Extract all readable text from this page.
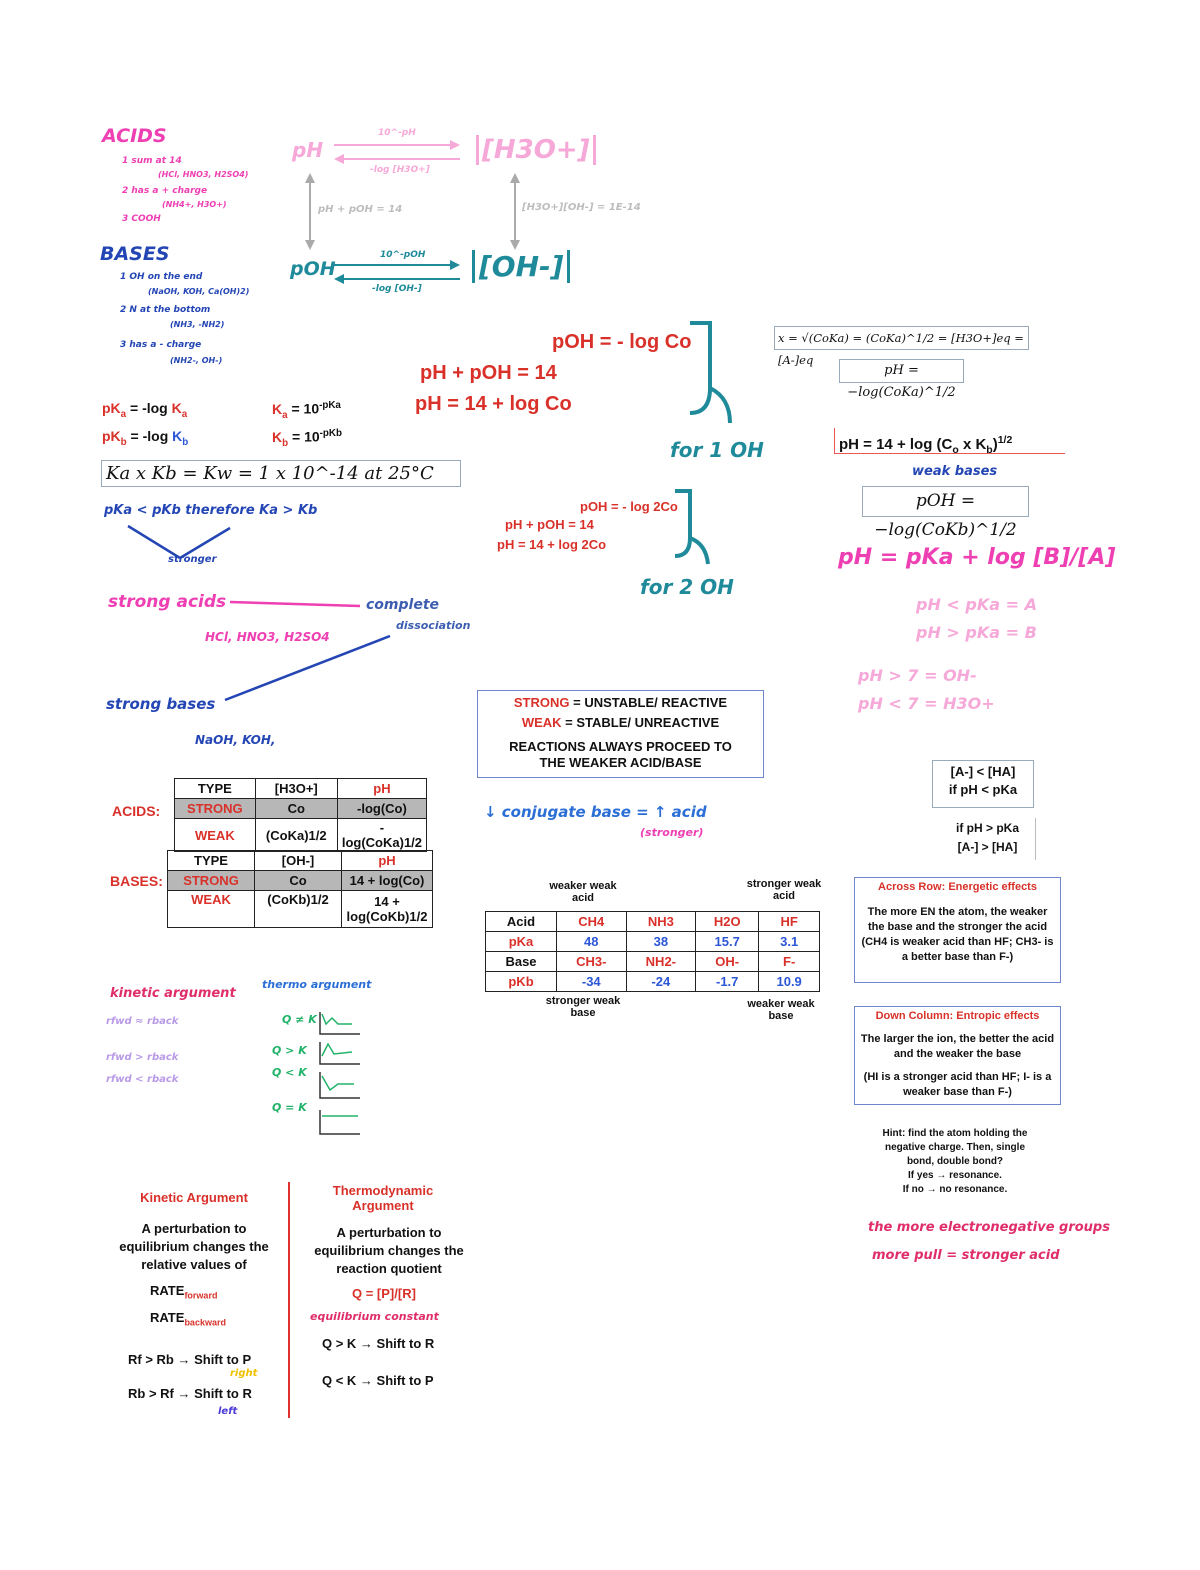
ACIDS
1 sum at 14
(HCl, HNO3, H2SO4)
2 has a + charge
(NH4+, H3O+)
3 COOH
BASES
1 OH on the end
(NaOH, KOH, Ca(OH)2)
2 N at the bottom
(NH3, -NH2)
3 has a - charge
(NH2-, OH-)
pH	[H3O+]
10^-pH
-log [H3O+]
pH + pOH = 14	[H3O+][OH-] = 1E-14
pOH	[OH-]
10^-pOH
-log [OH-]
pOH = - log Co
pH + pOH = 14
pH = 14 + log Co
for 1 OH
pOH = - log 2Co
pH + pOH = 14
pH = 14 + log 2Co
for 2 OH
$pK_a = -\log$ $K_a$	$K_a = 10^{-pKa}$
$pK_b = -\log$ $K_b$	$K_b = 10^{-pKb}$
Ka x Kb = Kw = 1 x 10^-14 at 25°C
pKa < pKb therefore Ka > Kb
stronger
strong acids
HCl, HNO3, H2SO4
complete
dissociation
strong bases
NaOH, KOH,
x = √(CoKa) = (CoKa)^1/2 = [H3O+]eq = [A-]eq
pH = −log(CoKa)^1/2
pH = $14 + \log (C_o$ x $K_b)^{1/2}$
weak bases
pOH = −log(CoKb)^1/2
pH = pKa + log [B]/[A]
pH < pKa = A
pH > pKa = B
pH > 7 = OH-
pH < 7 = H3O+
STRONG = UNSTABLE/ REACTIVE
WEAK = STABLE/ UNREACTIVE
REACTIONS ALWAYS PROCEED TO THE WEAKER ACID/BASE
↓ conjugate base = ↑ acid
(stronger)
[A-] < [HA]
if pH < pKa
if pH > pKa
[A-] > [HA]
ACIDS:
TYPE	[H3O+]	pH
STRONG	Co	-log(Co)
WEAK	(CoKa)1/2	-log(CoKa)1/2
BASES:
TYPE	[OH-]	pH
STRONG	Co	14 + log(Co)
WEAK	(CoKb)1/2	14 + log(CoKb)1/2
weaker weak acid
stronger weak acid
Acid	CH4	NH3	H2O	HF
pKa	48	38	15.7	3.1
Base	CH3-	NH2-	OH-	F-
pKb	-34	-24	-1.7	10.9
stronger weak base
weaker weak base
Across Row: Energetic effects
The more EN the atom, the weaker the base and the stronger the acid (CH4 is weaker acid than HF; CH3- is a better base than F-)
Down Column: Entropic effects
The larger the ion, the better the acid and the weaker the base
(HI is a stronger acid than HF; I- is a weaker base than F-)
Hint: find the atom holding the
negative charge. Then, single
bond, double bond?
If yes → resonance.
If no → no resonance.
the more electronegative groups
more pull = stronger acid
kinetic argument
thermo argument
rfwd ≈ rback
rfwd > rback
rfwd < rback
Q ≠ K
Q > K
Q < K
Q = K
Kinetic Argument
A perturbation to equilibrium changes the relative values of
$RATE_{forward}$
$RATE_{backward}$
Rf > Rb → Shift to P
right
Rb > Rf → Shift to R
left
Thermodynamic Argument
A perturbation to equilibrium changes the reaction quotient
Q = [P]/[R]
equilibrium constant
Q > K → Shift to R
Q < K → Shift to P
